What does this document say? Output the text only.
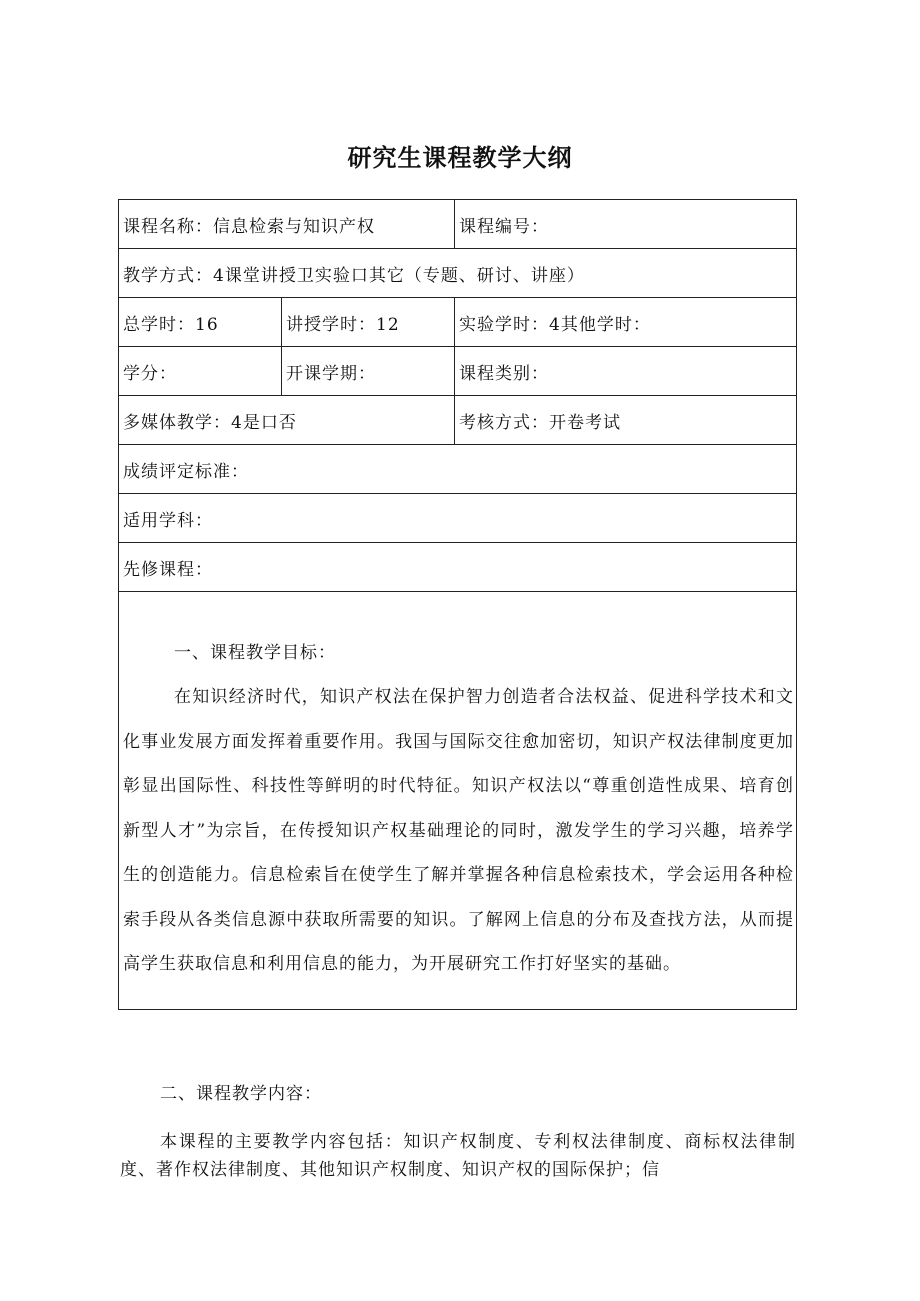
研究生课程教学大纲
课程名称：信息检索与知识产权	课程编号：
教学方式：4课堂讲授卫实验口其它（专题、研讨、讲座）
总学时：16	讲授学时：12	实验学时：4其他学时：
学分：	开课学期：	课程类别：
多媒体教学：4是口否	考核方式：开卷考试
成绩评定标准：
适用学科：
先修课程：
一、课程教学目标：

在知识经济时代，知识产权法在保护智力创造者合法权益、促进科学技术和文化事业发展方面发挥着重要作用。我国与国际交往愈加密切，知识产权法律制度更加彰显出国际性、科技性等鲜明的时代特征。知识产权法以“尊重创造性成果、培育创新型人才”为宗旨，在传授知识产权基础理论的同时，激发学生的学习兴趣，培养学生的创造能力。信息检索旨在使学生了解并掌握各种信息检索技术，学会运用各种检索手段从各类信息源中获取所需要的知识。了解网上信息的分布及查找方法，从而提高学生获取信息和利用信息的能力，为开展研究工作打好坚实的基础。

二、课程教学内容：

本课程的主要教学内容包括：知识产权制度、专利权法律制度、商标权法律制度、著作权法律制度、其他知识产权制度、知识产权的国际保护；信
